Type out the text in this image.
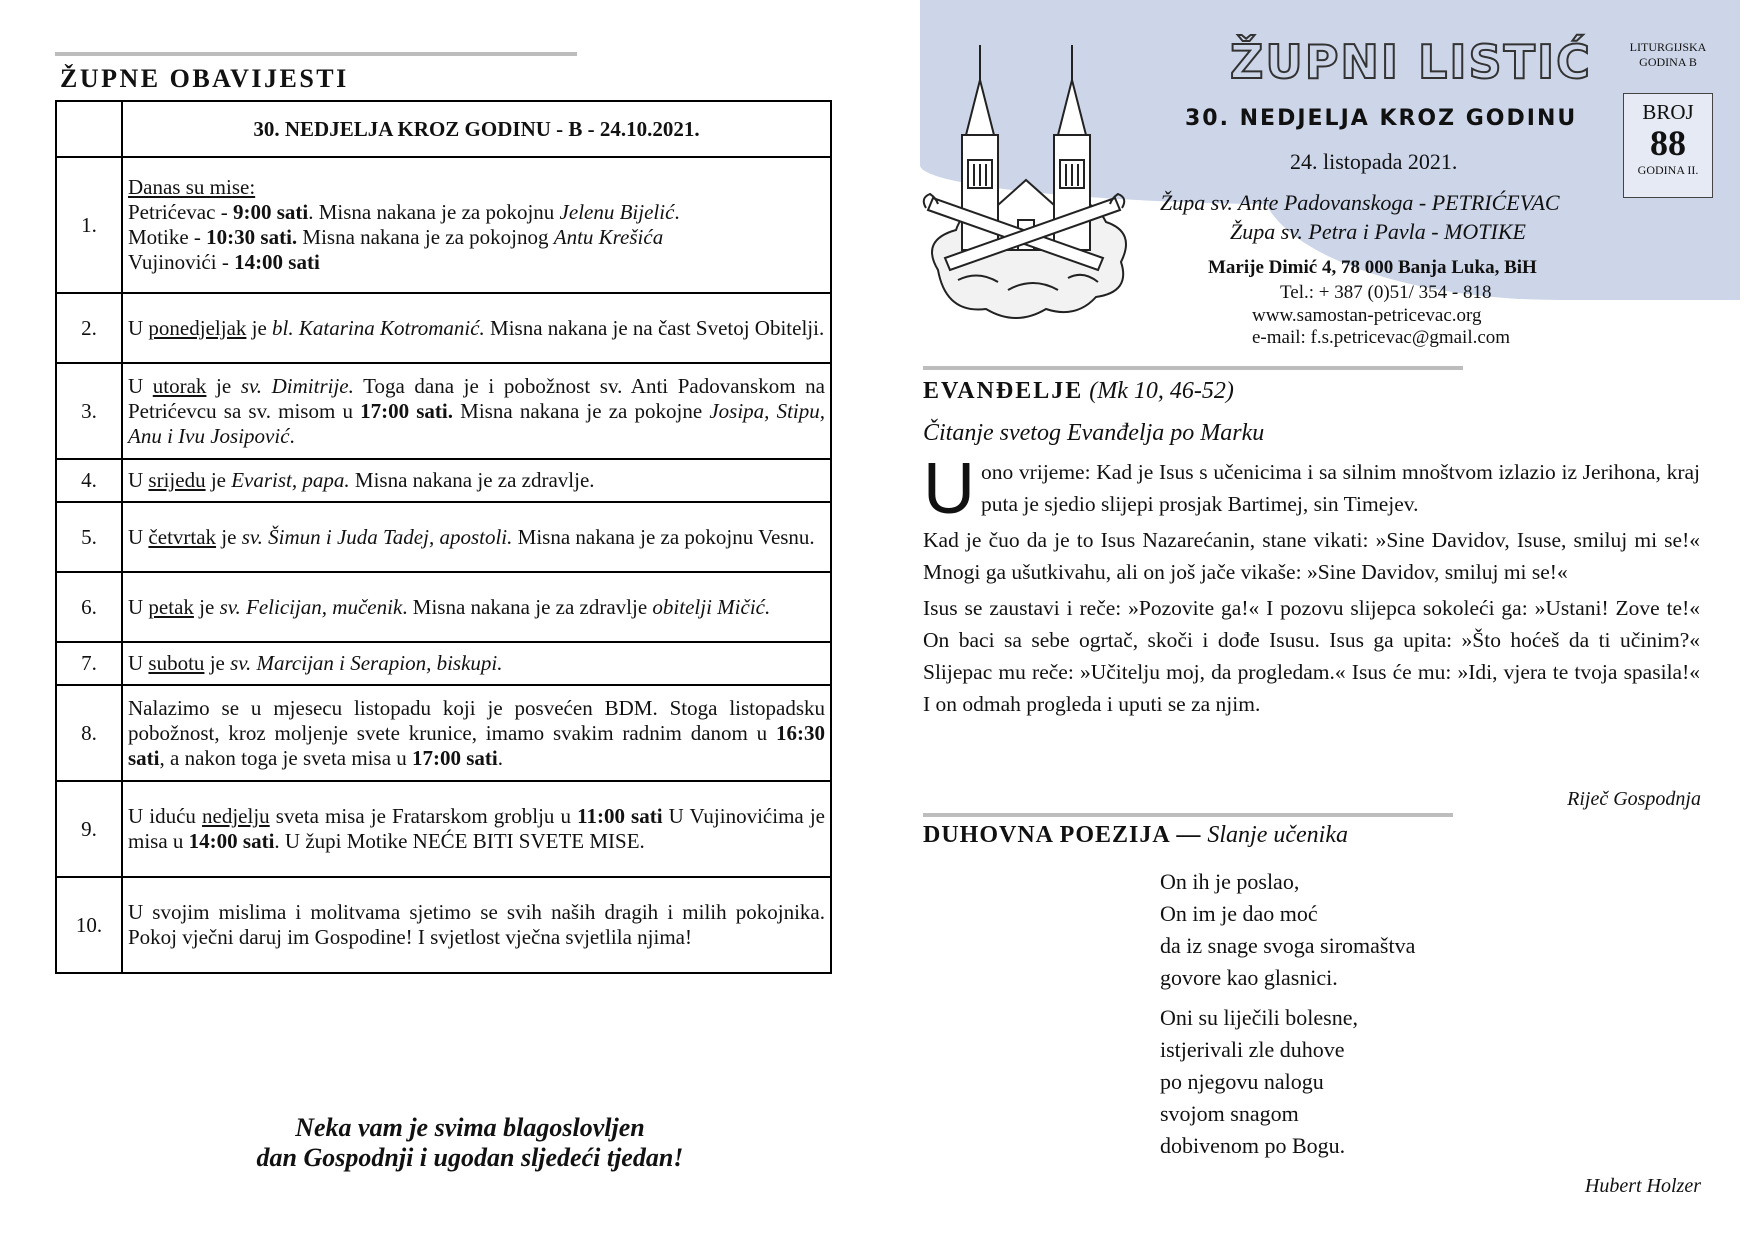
ŽUPNE OBAVIJESTI
	30. NEDJELJA KROZ GODINU - B - 24.10.2021.
1.	Danas su mise:
Petrićevac - 9:00 sati. Misna nakana je za pokojnu Jelenu Bijelić.
Motike - 10:30 sati. Misna nakana je za pokojnog Antu Krešića
Vujinovići - 14:00 sati
2.	U ponedjeljak je bl. Katarina Kotromanić. Misna nakana je na čast Svetoj Obitelji.
3.	U utorak je sv. Dimitrije. Toga dana je i pobožnost sv. Anti Padovanskom na Petrićevcu sa sv. misom u 17:00 sati. Misna nakana je za pokojne Josipa, Stipu, Anu i Ivu Josipović.
4.	U srijedu je Evarist, papa. Misna nakana je za zdravlje.
5.	U četvrtak je sv. Šimun i Juda Tadej, apostoli. Misna nakana je za pokojnu Vesnu.
6.	U petak je sv. Felicijan, mučenik. Misna nakana je za zdravlje obitelji Mičić.
7.	U subotu je sv. Marcijan i Serapion, biskupi.
8.	Nalazimo se u mjesecu listopadu koji je posvećen BDM. Stoga listopadsku pobožnost, kroz moljenje svete krunice, imamo svakim radnim danom u 16:30 sati, a nakon toga je sveta misa u 17:00 sati.
9.	U iduću nedjelju sveta misa je Fratarskom groblju u 11:00 sati U Vujinovićima je misa u 14:00 sati. U župi Motike NEĆE BITI SVETE MISE.
10.	U svojim mislima i molitvama sjetimo se svih naših dragih i milih pokojnika. Pokoj vječni daruj im Gospodine! I svjetlost vječna svjetlila njima!
Neka vam je svima blagoslovljen
dan Gospodnji i ugodan sljedeći tjedan!
ŽUPNI LISTIĆ
30. NEDJELJA KROZ GODINU
24. listopada 2021.
Župa sv. Ante Padovanskoga - PETRIĆEVAC
Župa sv. Petra i Pavla - MOTIKE
Marije Dimić 4, 78 000 Banja Luka, BiH
Tel.: + 387 (0)51/ 354 - 818
www.samostan-petricevac.org
e-mail: f.s.petricevac@gmail.com
LITURGIJSKA
GODINA B
BROJ
88
GODINA II.
EVANĐELJE (Mk 10, 46-52)
Čitanje svetog Evanđelja po Marku

Uono vrijeme: Kad je Isus s učenicima i sa silnim mnoštvom izlazio iz Jerihona, kraj puta je sjedio slijepi prosjak Bartimej, sin Timejev.

Kad je čuo da je to Isus Nazarećanin, stane vikati: »Sine Davidov, Isuse, smiluj mi se!« Mnogi ga ušutkivahu, ali on još jače vikaše: »Sine Davidov, smiluj mi se!«

Isus se zaustavi i reče: »Pozovite ga!« I pozovu slijepca sokoleći ga: »Ustani! Zove te!« On baci sa sebe ogrtač, skoči i dođe Isusu. Isus ga upita: »Što hoćeš da ti učinim?« Slijepac mu reče: »Učitelju moj, da progledam.« Isus će mu: »Idi, vjera te tvoja spasila!« I on odmah progleda i uputi se za njim.

Riječ Gospodnja
DUHOVNA POEZIJA — Slanje učenika

On ih je poslao,
On im je dao moć
da iz snage svoga siromaštva
govore kao glasnici.

Oni su liječili bolesne,
istjerivali zle duhove
po njegovu nalogu
svojom snagom
dobivenom po Bogu.

Hubert Holzer
